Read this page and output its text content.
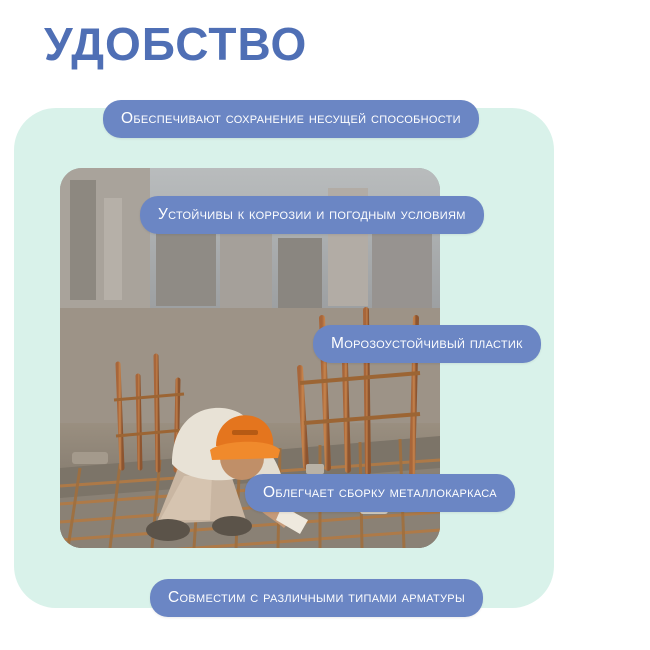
УДОБСТВО
Обеспечивают сохранение несущей способности
Устойчивы к коррозии и погодным условиям
Морозоустойчивый пластик
Облегчает сборку металлокаркаса
Совместим с различными типами арматуры
